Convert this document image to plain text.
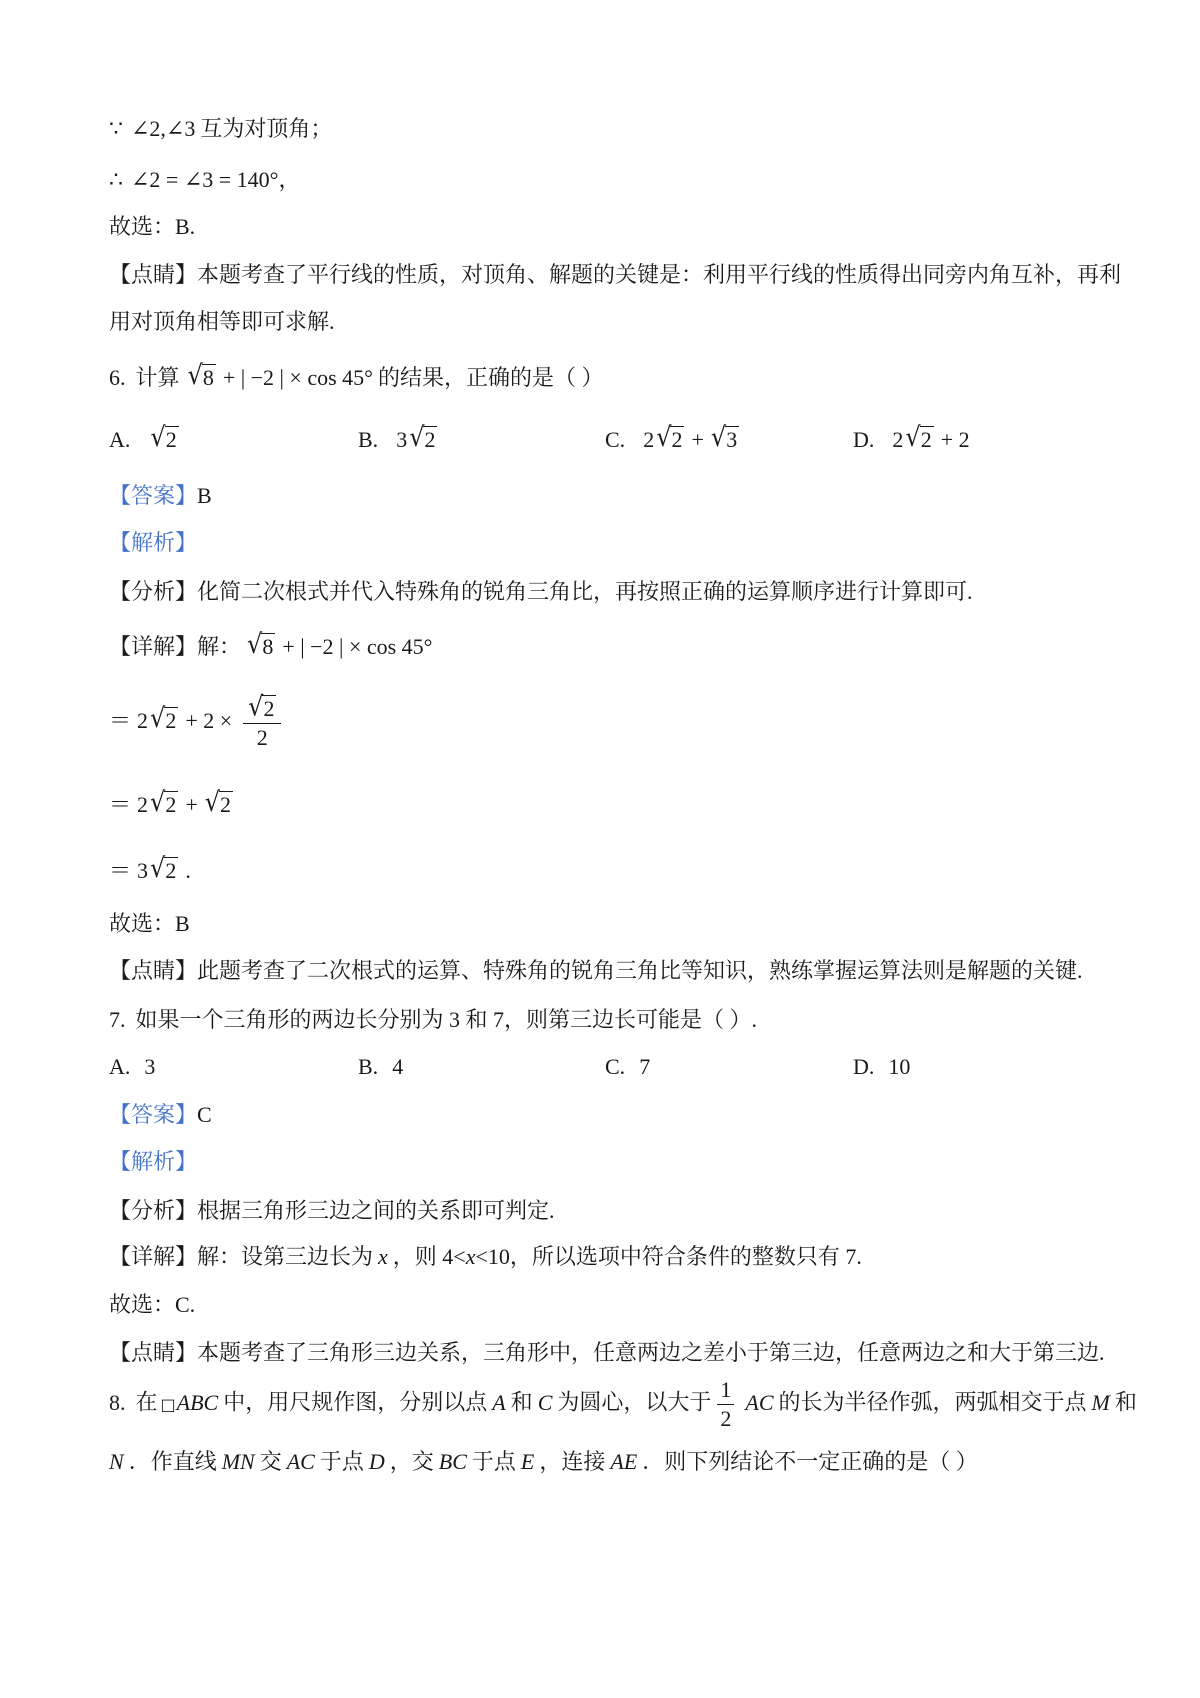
∵ ∠2,∠3 互为对顶角；
∴ ∠2 = ∠3 = 140°，
故选：B.
【点睛】本题考查了平行线的性质，对顶角、解题的关键是：利用平行线的性质得出同旁内角互补，再利
用对顶角相等即可求解.
6. 计算 √8 + | −2 | × cos 45° 的结果，正确的是（ ）
A. √2	B. 3√2	C. 2√2 + √3	D. 2√2 + 2
【答案】B
【解析】
【分析】化简二次根式并代入特殊角的锐角三角比，再按照正确的运算顺序进行计算即可.
【详解】解： √8 + | −2 | × cos 45°
＝ $2√2 + 2 \times \frac{√2}{2}$
＝ 2√2 + √2
＝ 3√2 .
故选：B
【点睛】此题考查了二次根式的运算、特殊角的锐角三角比等知识，熟练掌握运算法则是解题的关键.
7. 如果一个三角形的两边长分别为 3 和 7，则第三边长可能是（ ）.
A. 3	B. 4	C. 7	D. 10
【答案】C
【解析】
【分析】根据三角形三边之间的关系即可判定.
【详解】解：设第三边长为 x ，则 4<x<10，所以选项中符合条件的整数只有 7.
故选：C.
【点睛】本题考查了三角形三边关系，三角形中，任意两边之差小于第三边，任意两边之和大于第三边.
8. 在 □ABC 中，用尺规作图，分别以点 A 和 C 为圆心，以大于 $\frac{1}{2}$ AC 的长为半径作弧，两弧相交于点 M 和
N ．作直线 MN 交 AC 于点 D ，交 BC 于点 E ，连接 AE ．则下列结论不一定正确的是（ ）
